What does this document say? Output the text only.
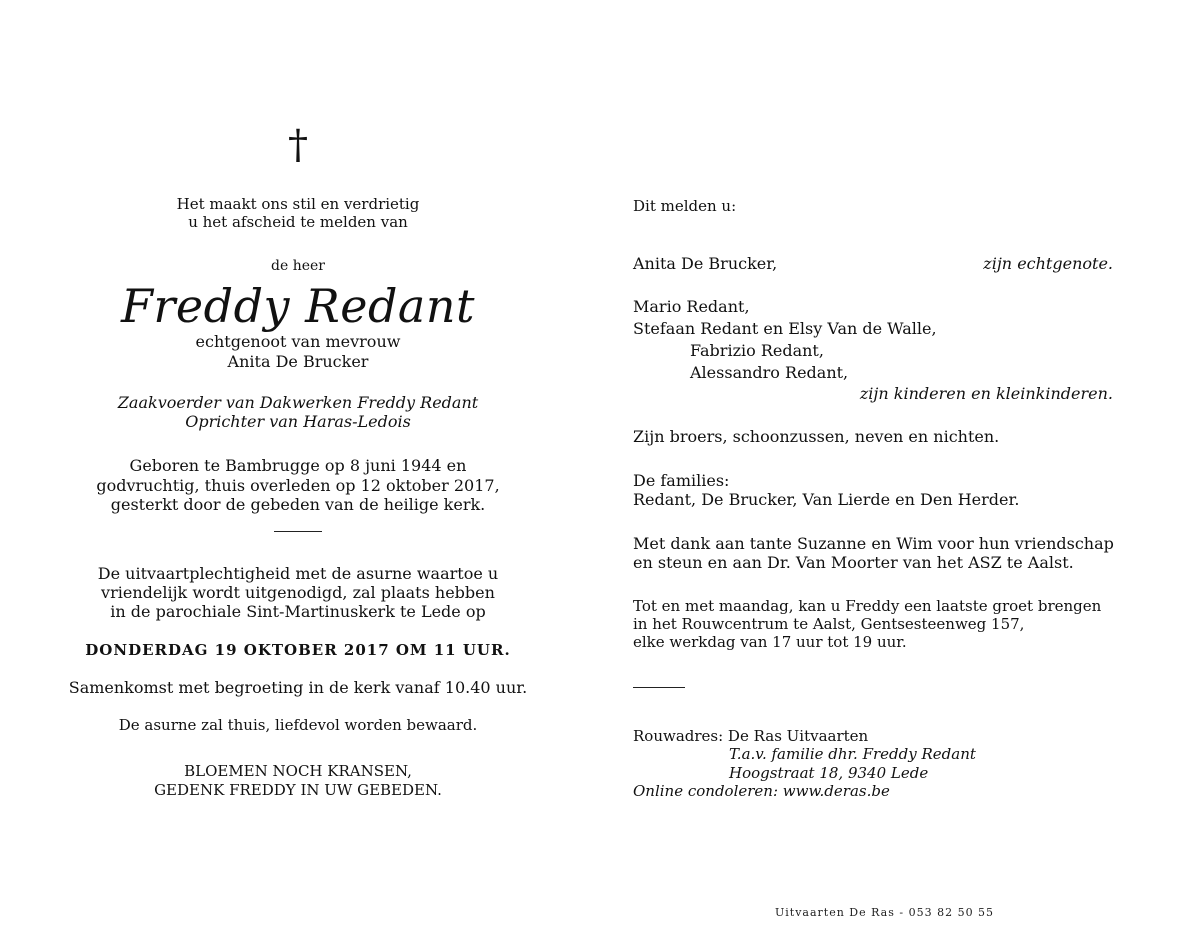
†
Het maakt ons stil en verdrietig
u het afscheid te melden van
de heer
Freddy Redant
echtgenoot van mevrouw
Anita De Brucker
Zaakvoerder van Dakwerken Freddy Redant
Oprichter van Haras-Ledois
Geboren te Bambrugge op 8 juni 1944 en
godvruchtig, thuis overleden op 12 oktober 2017,
gesterkt door de gebeden van de heilige kerk.
De uitvaartplechtigheid met de asurne waartoe u
vriendelijk wordt uitgenodigd, zal plaats hebben
in de parochiale Sint-Martinuskerk te Lede op
DONDERDAG 19 OKTOBER 2017 OM 11 UUR.
Samenkomst met begroeting in de kerk vanaf 10.40 uur.
De asurne zal thuis, liefdevol worden bewaard.
BLOEMEN NOCH KRANSEN,
GEDENK FREDDY IN UW GEBEDEN.
Dit melden u:
Anita De Brucker,	zijn echtgenote.
Mario Redant,
Stefaan Redant en Elsy Van de Walle,
Fabrizio Redant,
Alessandro Redant,
zijn kinderen en kleinkinderen.
Zijn broers, schoonzussen, neven en nichten.
De families:
Redant, De Brucker, Van Lierde en Den Herder.
Met dank aan tante Suzanne en Wim voor hun vriendschap
en steun en aan Dr. Van Moorter van het ASZ te Aalst.
Tot en met maandag, kan u Freddy een laatste groet brengen
in het Rouwcentrum te Aalst, Gentsesteenweg 157,
elke werkdag van 17 uur tot 19 uur.
Rouwadres: De Ras Uitvaarten
T.a.v. familie dhr. Freddy Redant
Hoogstraat 18, 9340 Lede
Online condoleren: www.deras.be
Uitvaarten De Ras - 053 82 50 55
